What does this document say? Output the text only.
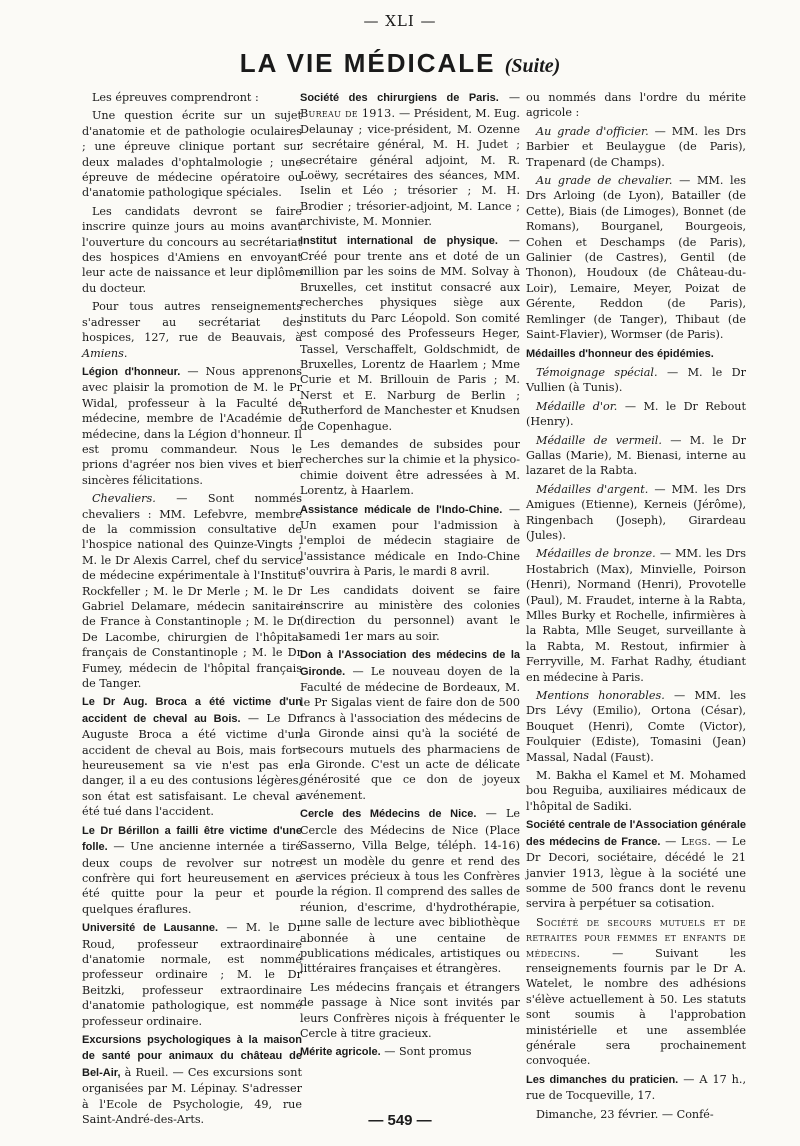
— XLI —
LA VIE MÉDICALE (Suite)

Les épreuves comprendront :

Une question écrite sur un sujet d'anatomie et de pathologie oculaires ; une épreuve clinique portant sur deux malades d'ophtalmologie ; une épreuve de médecine opératoire ou d'anatomie pathologique spéciales.

Les candidats devront se faire inscrire quinze jours au moins avant l'ouverture du concours au secrétariat des hospices d'Amiens en envoyant leur acte de naissance et leur diplôme du docteur.

Pour tous autres renseignements s'adresser au secrétariat des hospices, 127, rue de Beauvais, à Amiens.

Légion d'honneur. — Nous apprenons avec plaisir la promotion de M. le Pr Widal, professeur à la Faculté de médecine, membre de l'Académie de médecine, dans la Légion d'honneur. Il est promu commandeur. Nous le prions d'agréer nos bien vives et bien sincères félicitations.

Chevaliers. — Sont nommés chevaliers : MM. Lefebvre, membre de la commission consultative de l'hospice national des Quinze-Vingts ; M. le Dr Alexis Carrel, chef du service de médecine expérimentale à l'Institut Rockfeller ; M. le Dr Merle ; M. le Dr Gabriel Delamare, médecin sanitaire de France à Constantinople ; M. le Dr De Lacombe, chirurgien de l'hôpital français de Constantinople ; M. le Dr Fumey, médecin de l'hôpital français de Tanger.

Le Dr Aug. Broca a été victime d'un accident de cheval au Bois. — Le Dr Auguste Broca a été victime d'un accident de cheval au Bois, mais fort heureusement sa vie n'est pas en danger, il a eu des contusions légères, son état est satisfaisant. Le cheval a été tué dans l'accident.

Le Dr Bérillon a failli être victime d'une folle. — Une ancienne internée a tiré deux coups de revolver sur notre confrère qui fort heureusement en a été quitte pour la peur et pour quelques éraflures.

Université de Lausanne. — M. le Dr Roud, professeur extraordinaire d'anatomie normale, est nommé professeur ordinaire ; M. le Dr Beitzki, professeur extraordinaire d'anatomie pathologique, est nommé professeur ordinaire.

Excursions psychologiques à la maison de santé pour animaux du château de Bel-Air, à Rueil. — Ces excursions sont organisées par M. Lépinay. S'adresser à l'Ecole de Psychologie, 49, rue Saint-André-des-Arts.

Société des chirurgiens de Paris. — Bureau de 1913. — Président, M. Eug. Delaunay ; vice-président, M. Ozenne ; secrétaire général, M. H. Judet ; secrétaire général adjoint, M. R. Loëwy, secrétaires des séances, MM. Iselin et Léo ; trésorier ; M. H. Brodier ; trésorier-adjoint, M. Lance ; archiviste, M. Monnier.

Institut international de physique. — Créé pour trente ans et doté de un million par les soins de MM. Solvay à Bruxelles, cet institut consacré aux recherches physiques siège aux instituts du Parc Léopold. Son comité est composé des Professeurs Heger, Tassel, Verschaffelt, Goldschmidt, de Bruxelles, Lorentz de Haarlem ; Mme Curie et M. Brillouin de Paris ; M. Nerst et E. Narburg de Berlin ; Rutherford de Manchester et Knudsen de Copenhague.

Les demandes de subsides pour recherches sur la chimie et la physico-chimie doivent être adressées à M. Lorentz, à Haarlem.

Assistance médicale de l'Indo-Chine. — Un examen pour l'admission à l'emploi de médecin stagiaire de l'assistance médicale en Indo-Chine s'ouvrira à Paris, le mardi 8 avril.

Les candidats doivent se faire inscrire au ministère des colonies (direction du personnel) avant le samedi 1er mars au soir.

Don à l'Association des médecins de la Gironde. — Le nouveau doyen de la Faculté de médecine de Bordeaux, M. le Pr Sigalas vient de faire don de 500 francs à l'association des médecins de la Gironde ainsi qu'à la société de secours mutuels des pharmaciens de la Gironde. C'est un acte de délicate générosité que ce don de joyeux avénement.

Cercle des Médecins de Nice. — Le Cercle des Médecins de Nice (Place Sasserno, Villa Belge, téléph. 14-16) est un modèle du genre et rend des services précieux à tous les Confrères de la région. Il comprend des salles de réunion, d'escrime, d'hydrothérapie, une salle de lecture avec bibliothèque abonnée à une centaine de publications médicales, artistiques ou littéraires françaises et étrangères.

Les médecins français et étrangers de passage à Nice sont invités par leurs Confrères niçois à fréquenter le Cercle à titre gracieux.

Mérite agricole. — Sont promus

ou nommés dans l'ordre du mérite agricole :

Au grade d'officier. — MM. les Drs Barbier et Beulaygue (de Paris), Trapenard (de Champs).

Au grade de chevalier. — MM. les Drs Arloing (de Lyon), Batailler (de Cette), Biais (de Limoges), Bonnet (de Romans), Bourganel, Bourgeois, Cohen et Deschamps (de Paris), Galinier (de Castres), Gentil (de Thonon), Houdoux (de Château-du-Loir), Lemaire, Meyer, Poizat de Gérente, Reddon (de Paris), Remlinger (de Tanger), Thibaut (de Saint-Flavier), Wormser (de Paris).

Médailles d'honneur des épidémies.

Témoignage spécial. — M. le Dr Vullien (à Tunis).

Médaille d'or. — M. le Dr Rebout (Henry).

Médaille de vermeil. — M. le Dr Gallas (Marie), M. Bienasi, interne au lazaret de la Rabta.

Médailles d'argent. — MM. les Drs Amigues (Etienne), Kerneis (Jérôme), Ringenbach (Joseph), Girardeau (Jules).

Médailles de bronze. — MM. les Drs Hostabrich (Max), Minvielle, Poirson (Henri), Normand (Henri), Provotelle (Paul), M. Fraudet, interne à la Rabta, Mlles Burky et Rochelle, infirmières à la Rabta, Mlle Seuget, surveillante à la Rabta, M. Restout, infirmier à Ferryville, M. Farhat Radhy, étudiant en médecine à Paris.

Mentions honorables. — MM. les Drs Lévy (Emilio), Ortona (César), Bouquet (Henri), Comte (Victor), Foulquier (Ediste), Tomasini (Jean) Massal, Nadal (Faust).

M. Bakha el Kamel et M. Mohamed bou Reguiba, auxiliaires médicaux de l'hôpital de Sadiki.

Société centrale de l'Association générale des médecins de France. — Legs. — Le Dr Decori, sociétaire, décédé le 21 janvier 1913, lègue à la société une somme de 500 francs dont le revenu servira à perpétuer sa cotisation.

Société de secours mutuels et de retraites pour femmes et enfants de médecins. — Suivant les renseignements fournis par le Dr A. Watelet, le nombre des adhésions s'élève actuellement à 50. Les statuts sont soumis à l'approbation ministérielle et une assemblée générale sera prochainement convoquée.

Les dimanches du praticien. — A 17 h., rue de Tocqueville, 17.

Dimanche, 23 février. — Confé-

— 549 —
